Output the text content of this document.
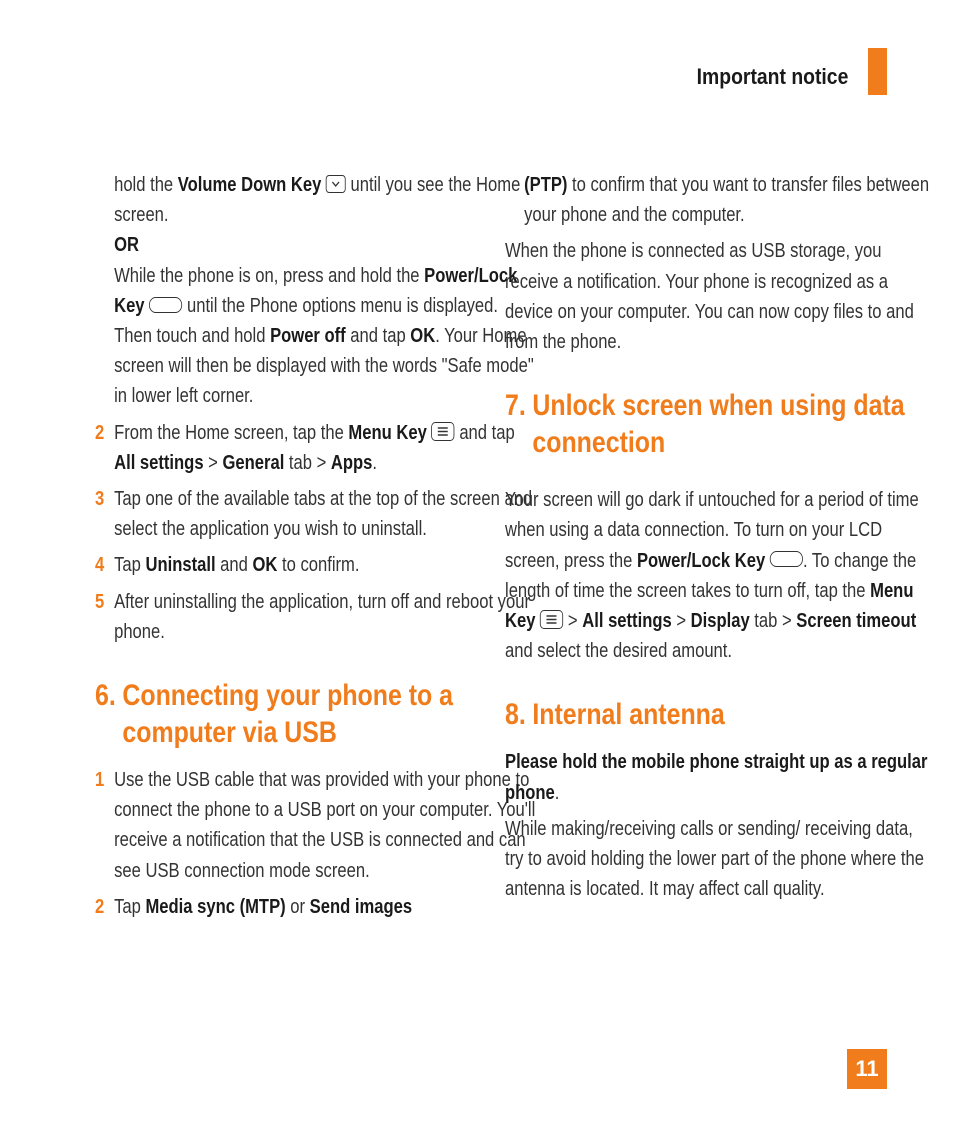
Important notice

hold the Volume Down Key
until you see the Home screen.

OR

While the phone is on, press and hold the Power/Lock Key  until the Phone options menu is displayed. Then touch and hold Power off and tap OK. Your Home screen will then be displayed with the words "Safe mode" in lower left corner.

2 From the Home screen, tap the Menu Key
and tap All settings > General tab > Apps.
3 Tap one of the available tabs at the top of the screen and select the application you wish to uninstall.
4 Tap Uninstall and OK to confirm.
5 After uninstalling the application, turn off and reboot your phone.
6. Connecting your phone to a computer via USB
1 Use the USB cable that was provided with your phone to connect the phone to a USB port on your computer. You'll receive a notification that the USB is connected and can see USB connection mode screen.
2 Tap Media sync (MTP) or Send images

(PTP) to confirm that you want to transfer files between your phone and the computer.

When the phone is connected as USB storage, you receive a notification. Your phone is recognized as a device on your computer. You can now copy files to and from the phone.

7. Unlock screen when using data connection

Your screen will go dark if untouched for a period of time when using a data connection. To turn on your LCD screen, press the Power/Lock Key . To change the length of time the screen takes to turn off, tap the Menu Key
> All settings > Display tab > Screen timeout and select the desired amount.

8. Internal antenna

Please hold the mobile phone straight up as a regular phone.

While making/receiving calls or sending/ receiving data, try to avoid holding the lower part of the phone where the antenna is located. It may affect call quality.

11
